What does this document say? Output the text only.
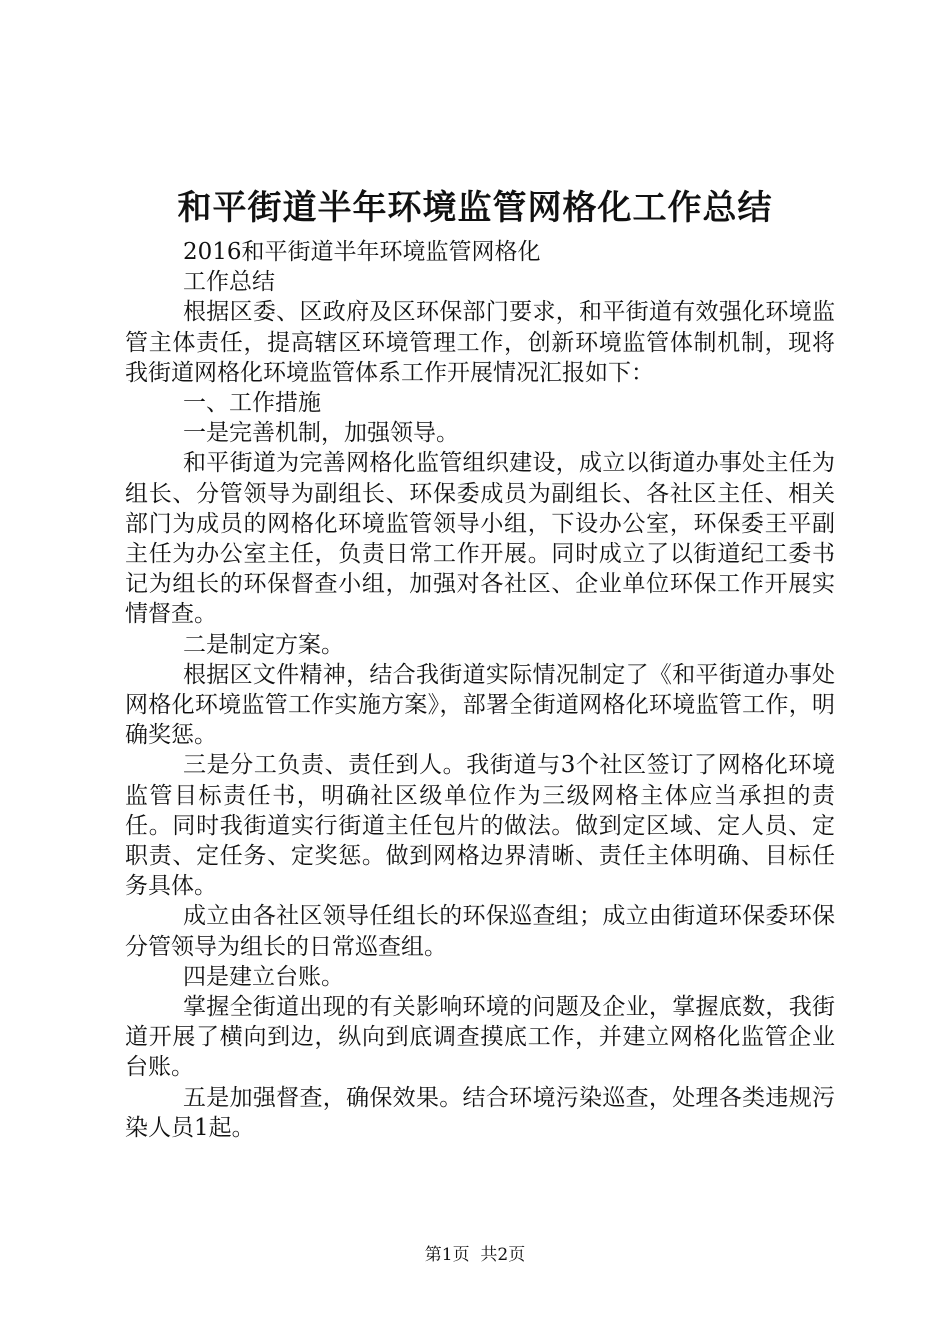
和平街道半年环境监管网格化工作总结

2016和平街道半年环境监管网格化

工作总结

根据区委、区政府及区环保部门要求，和平街道有效强化环境监管主体责任，提高辖区环境管理工作，创新环境监管体制机制，现将我街道网格化环境监管体系工作开展情况汇报如下：

一、工作措施

一是完善机制，加强领导。

和平街道为完善网格化监管组织建设，成立以街道办事处主任为组长、分管领导为副组长、环保委成员为副组长、各社区主任、相关部门为成员的网格化环境监管领导小组，下设办公室，环保委王平副主任为办公室主任，负责日常工作开展。同时成立了以街道纪工委书记为组长的环保督查小组，加强对各社区、企业单位环保工作开展实情督查。

二是制定方案。

根据区文件精神，结合我街道实际情况制定了《和平街道办事处网格化环境监管工作实施方案》，部署全街道网格化环境监管工作，明确奖惩。

三是分工负责、责任到人。我街道与3个社区签订了网格化环境监管目标责任书，明确社区级单位作为三级网格主体应当承担的责任。同时我街道实行街道主任包片的做法。做到定区域、定人员、定职责、定任务、定奖惩。做到网格边界清晰、责任主体明确、目标任务具体。

成立由各社区领导任组长的环保巡查组；成立由街道环保委环保分管领导为组长的日常巡查组。

四是建立台账。

掌握全街道出现的有关影响环境的问题及企业，掌握底数，我街道开展了横向到边，纵向到底调查摸底工作，并建立网格化监管企业台账。

五是加强督查，确保效果。结合环境污染巡查，处理各类违规污染人员1起。

第1页  共2页
